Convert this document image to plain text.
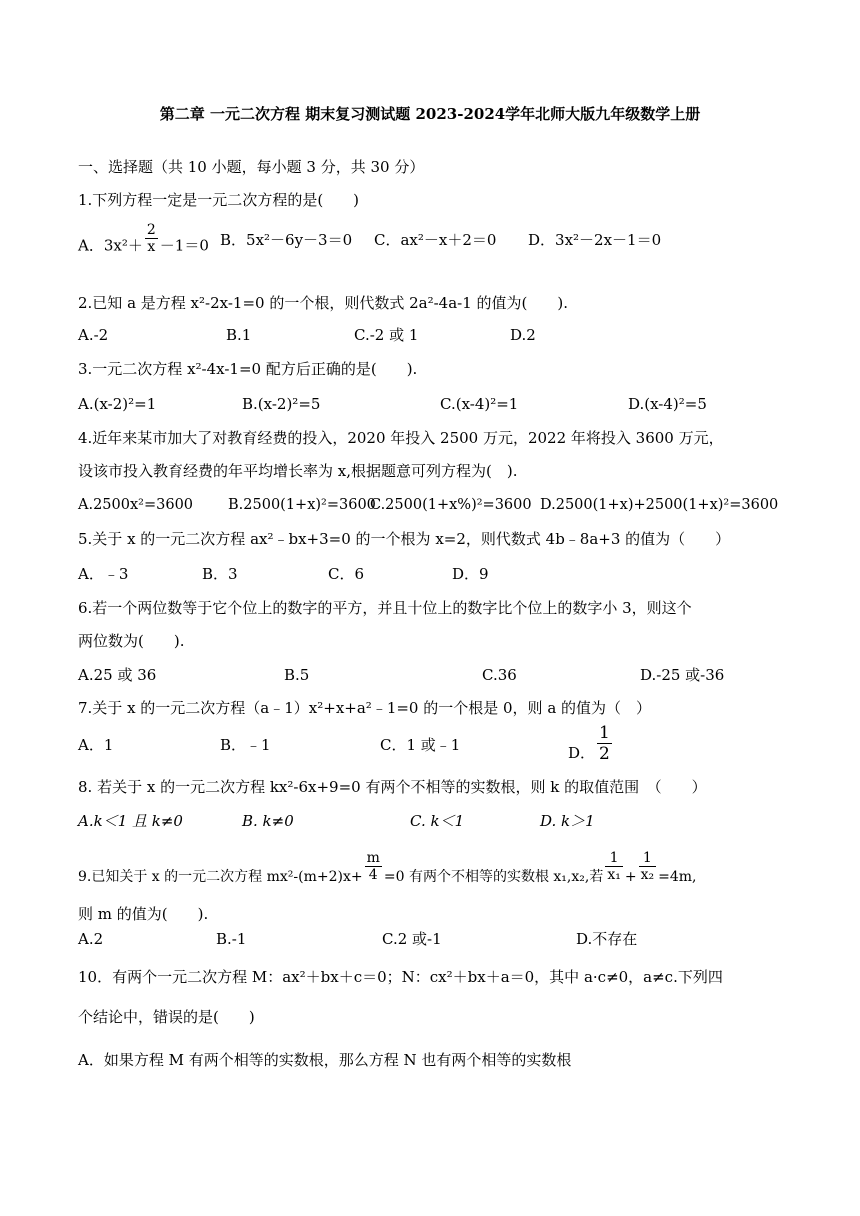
第二章 一元二次方程 期末复习测试题 2023-2024学年北师大版九年级数学上册
一、选择题（共 10 小题，每小题 3 分，共 30 分）
1.下列方程一定是一元二次方程的是(　　)
A．$3x^2+ \frac{2}{x} -1=0$ B．5x²－6y－3＝0 C．ax²－x＋2＝0 D．3x²－2x－1＝0
2.已知 a 是方程 x²-2x-1=0 的一个根，则代数式 2a²-4a-1 的值为(　　).
A.-2	B.1	C.-2 或 1	D.2
3.一元二次方程 x²-4x-1=0 配方后正确的是(　　).
A.(x-2)²=1	B.(x-2)²=5	C.(x-4)²=1	D.(x-4)²=5
4.近年来某市加大了对教育经费的投入，2020 年投入 2500 万元，2022 年将投入 3600 万元，
设该市投入教育经费的年平均增长率为 x,根据题意可列方程为(　).
A.2500x²=3600 B.2500(1+x)²=3600
C.2500(1+x%)²=3600 D.2500(1+x)+2500(1+x)²=3600
5.关于 x 的一元二次方程 ax²﹣bx+3=0 的一个根为 x=2，则代数式 4b﹣8a+3 的值为（　　）
A．﹣3	B．3	C．6	D．9
6.若一个两位数等于它个位上的数字的平方，并且十位上的数字比个位上的数字小 3，则这个
两位数为(　　).
A.25 或 36	B.5	C.36	D.-25 或-36
7.关于 x 的一元二次方程（a﹣1）x²+x+a²﹣1=0 的一个根是 0，则 a 的值为（　）
A．1	B．﹣1	C．1 或﹣1	D． $\frac{1}{2}$
8. 若关于 x 的一元二次方程 kx²-6x+9=0 有两个不相等的实数根，则 k 的取值范围　（　　）
A.k＜1 且 k≠0	B. k≠0	C. k＜1	D. k＞1
9.已知关于 x 的一元二次方程 $mx^2-(m+2)x+ \frac{m}{4} =0$ 有两个不相等的实数根 x₁,x₂,若 $\frac{1}{\text{x₁}} + \frac{1}{\text{x₂}} =4m$,
则 m 的值为(　　).
A.2	B.-1	C.2 或-1	D.不存在
10．有两个一元二次方程 M：ax²＋bx＋c＝0；N：cx²＋bx＋a＝0，其中 a·c≠0，a≠c.下列四
个结论中，错误的是(　　)
A．如果方程 M 有两个相等的实数根，那么方程 N 也有两个相等的实数根
